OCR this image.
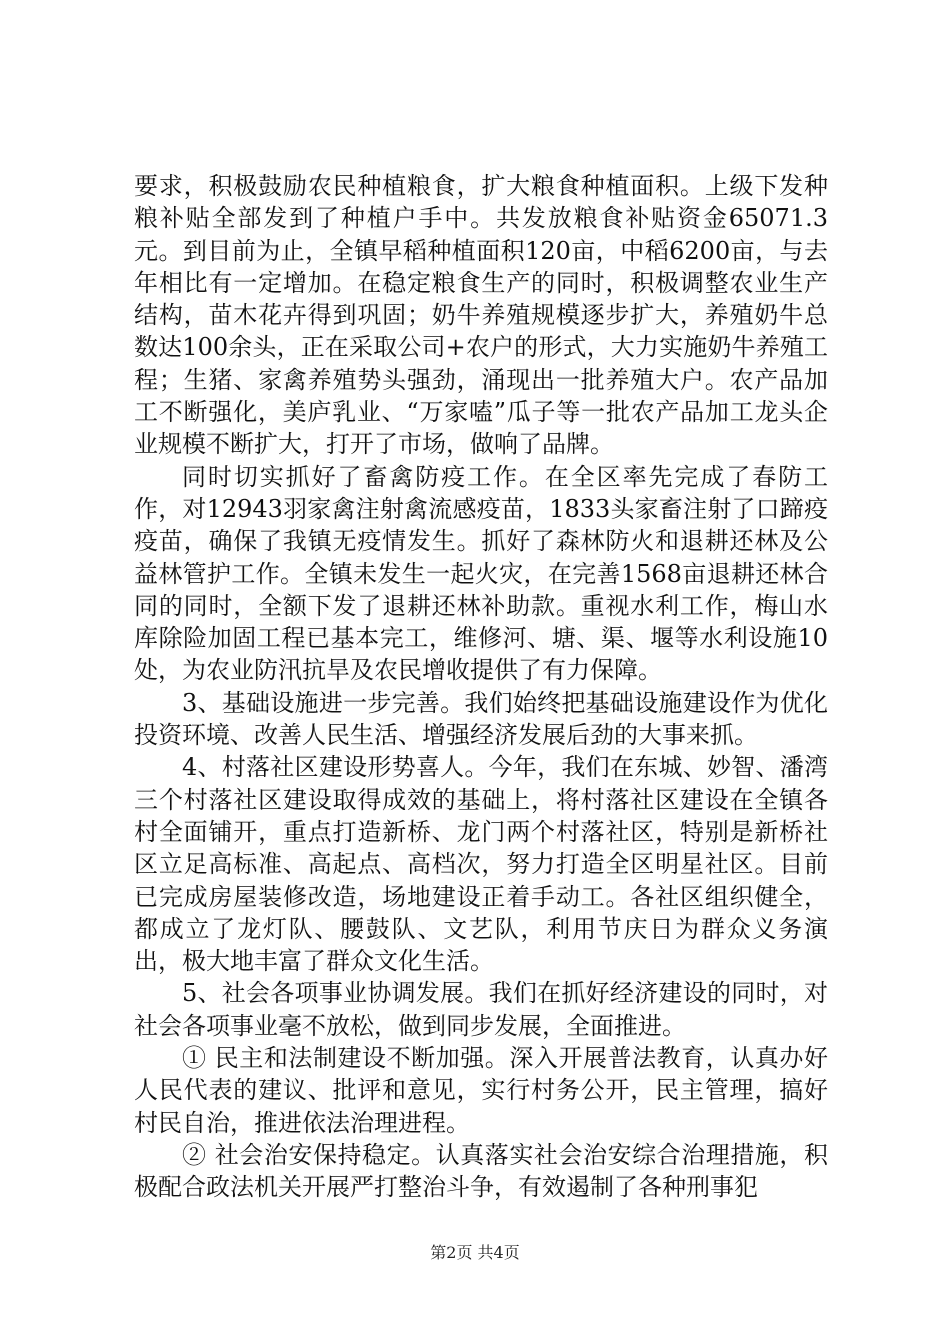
要求，积极鼓励农民种植粮食，扩大粮食种植面积。上级下发种粮补贴全部发到了种植户手中。共发放粮食补贴资金65071.3元。到目前为止，全镇早稻种植面积120亩，中稻6200亩，与去年相比有一定增加。在稳定粮食生产的同时，积极调整农业生产结构，苗木花卉得到巩固；奶牛养殖规模逐步扩大，养殖奶牛总数达100余头，正在采取公司+农户的形式，大力实施奶牛养殖工程；生猪、家禽养殖势头强劲，涌现出一批养殖大户。农产品加工不断强化，美庐乳业、“万家嗑”瓜子等一批农产品加工龙头企业规模不断扩大，打开了市场，做响了品牌。

同时切实抓好了畜禽防疫工作。在全区率先完成了春防工作，对12943羽家禽注射禽流感疫苗，1833头家畜注射了口蹄疫疫苗，确保了我镇无疫情发生。抓好了森林防火和退耕还林及公益林管护工作。全镇未发生一起火灾，在完善1568亩退耕还林合同的同时，全额下发了退耕还林补助款。重视水利工作，梅山水库除险加固工程已基本完工，维修河、塘、渠、堰等水利设施10处，为农业防汛抗旱及农民增收提供了有力保障。

3、基础设施进一步完善。我们始终把基础设施建设作为优化投资环境、改善人民生活、增强经济发展后劲的大事来抓。

4、村落社区建设形势喜人。今年，我们在东城、妙智、潘湾三个村落社区建设取得成效的基础上，将村落社区建设在全镇各村全面铺开，重点打造新桥、龙门两个村落社区，特别是新桥社区立足高标准、高起点、高档次，努力打造全区明星社区。目前已完成房屋装修改造，场地建设正着手动工。各社区组织健全，都成立了龙灯队、腰鼓队、文艺队，利用节庆日为群众义务演出，极大地丰富了群众文化生活。

5、社会各项事业协调发展。我们在抓好经济建设的同时，对社会各项事业毫不放松，做到同步发展，全面推进。

① 民主和法制建设不断加强。深入开展普法教育，认真办好人民代表的建议、批评和意见，实行村务公开，民主管理，搞好村民自治，推进依法治理进程。

② 社会治安保持稳定。认真落实社会治安综合治理措施，积极配合政法机关开展严打整治斗争，有效遏制了各种刑事犯

第2页 共4页
